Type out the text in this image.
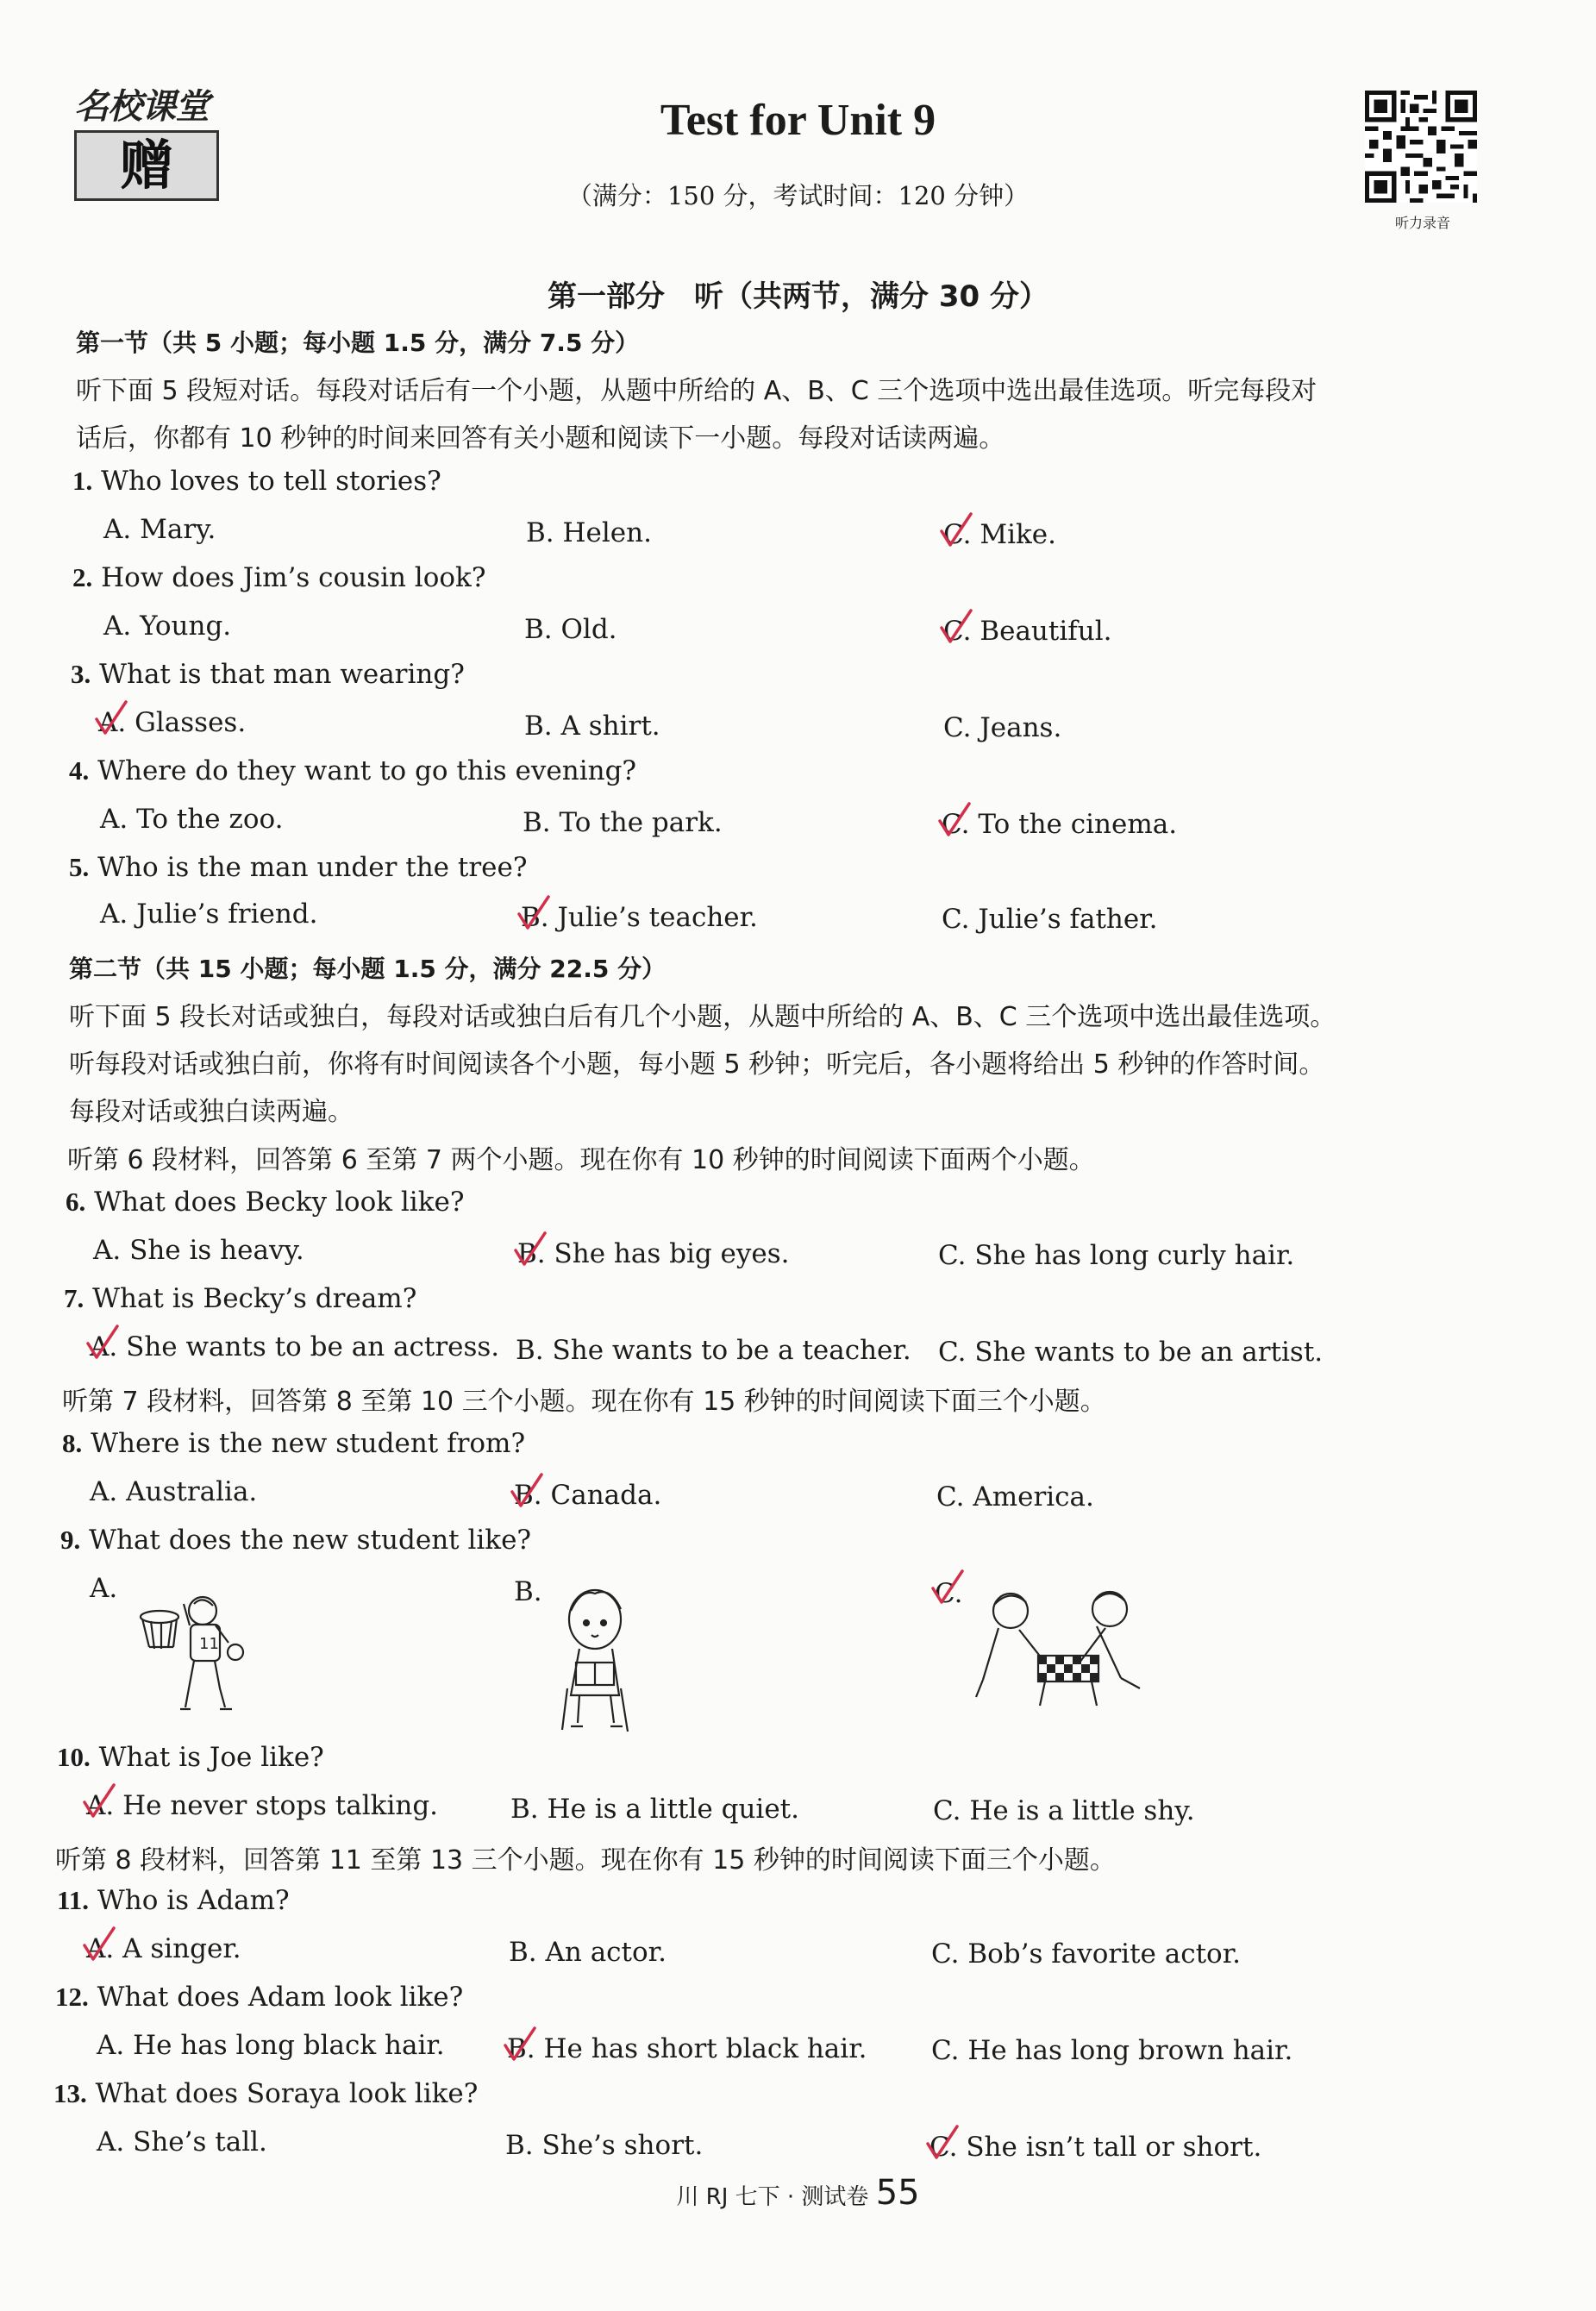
名校课堂
赠
Test for Unit 9
（满分：150 分，考试时间：120 分钟）
听力录音
第一部分　听（共两节，满分 30 分）
第一节（共 5 小题；每小题 1.5 分，满分 7.5 分）
听下面 5 段短对话。每段对话后有一个小题，从题中所给的 A、B、C 三个选项中选出最佳选项。听完每段对
话后，你都有 10 秒钟的时间来回答有关小题和阅读下一小题。每段对话读两遍。
1. Who loves to tell stories?
A. Mary.	B. Helen.	C. Mike.
2. How does Jim’s cousin look?
A. Young.	B. Old.	C. Beautiful.
3. What is that man wearing?
A. Glasses.	B. A shirt.	C. Jeans.
4. Where do they want to go this evening?
A. To the zoo.	B. To the park.	C. To the cinema.
5. Who is the man under the tree?
A. Julie’s friend.	B. Julie’s teacher.	C. Julie’s father.
第二节（共 15 小题；每小题 1.5 分，满分 22.5 分）
听下面 5 段长对话或独白，每段对话或独白后有几个小题，从题中所给的 A、B、C 三个选项中选出最佳选项。
听每段对话或独白前，你将有时间阅读各个小题，每小题 5 秒钟；听完后，各小题将给出 5 秒钟的作答时间。
每段对话或独白读两遍。
听第 6 段材料，回答第 6 至第 7 两个小题。现在你有 10 秒钟的时间阅读下面两个小题。
6. What does Becky look like?
A. She is heavy.	B. She has big eyes.	C. She has long curly hair.
7. What is Becky’s dream?
A. She wants to be an actress. B. She wants to be a teacher. C. She wants to be an artist.
听第 7 段材料，回答第 8 至第 10 三个小题。现在你有 15 秒钟的时间阅读下面三个小题。
8. Where is the new student from?
A. Australia.	B. Canada.	C. America.
9. What does the new student like?
A.	B.	C.
11
10. What is Joe like?
A. He never stops talking.	B. He is a little quiet.	C. He is a little shy.
听第 8 段材料，回答第 11 至第 13 三个小题。现在你有 15 秒钟的时间阅读下面三个小题。
11. Who is Adam?
A. A singer.	B. An actor.	C. Bob’s favorite actor.
12. What does Adam look like?
A. He has long black hair. B. He has short black hair. C. He has long brown hair.
13. What does Soraya look like?
A. She’s tall.	B. She’s short.	C. She isn’t tall or short.
川 RJ 七下 · 测试卷 55
